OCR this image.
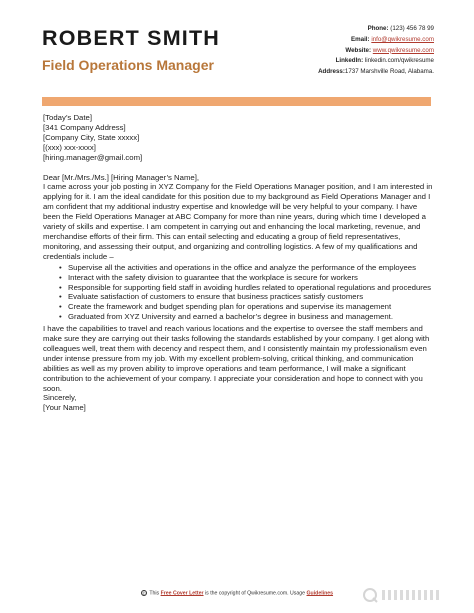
ROBERT SMITH
Field Operations Manager
Phone: (123) 456 78 99
Email: info@qwikresume.com
Website: www.qwikresume.com
LinkedIn: linkedin.com/qwikresume
Address:1737 Marshville Road, Alabama.

[Today’s Date]

[341 Company Address]

[Company City, State xxxxx]

[(xxx) xxx-xxxx]

[hiring.manager@gmail.com]

Dear [Mr./Mrs./Ms.] [Hiring Manager’s Name],

I came across your job posting in XYZ Company for the Field Operations Manager position, and I am interested in applying for it. I am the ideal candidate for this position due to my background as Field Operations Manager and I am confident that my additional industry expertise and knowledge will be very helpful to your company. I have been the Field Operations Manager at ABC Company for more than nine years, during which time I developed a variety of skills and expertise. I am competent in carrying out and enhancing the local marketing, revenue, and merchandise efforts of their firm. This can entail selecting and educating a group of field representatives, monitoring, and assessing their output, and organizing and controlling logistics. A few of my qualifications and credentials include –

• Supervise all the activities and operations in the office and analyze the performance of the employees
• Interact with the safety division to guarantee that the workplace is secure for workers
• Responsible for supporting field staff in avoiding hurdles related to operational regulations and procedures
• Evaluate satisfaction of customers to ensure that business practices satisfy customers
• Create the framework and budget spending plan for operations and supervise its management
• Graduated from XYZ University and earned a bachelor’s degree in business and management.

I have the capabilities to travel and reach various locations and the expertise to oversee the staff members and make sure they are carrying out their tasks following the standards established by your company. I get along with colleagues well, treat them with decency and respect them, and I consistently maintain my professionalism even under intense pressure from my job. With my excellent problem-solving, critical thinking, and communication abilities as well as my proven ability to improve operations and team performance, I will make a significant contribution to the achievement of your company. I appreciate your consideration and hope to connect with you soon.

Sincerely,

[Your Name]

© This Free Cover Letter is the copyright of Qwikresume.com. Usage Guidelines
